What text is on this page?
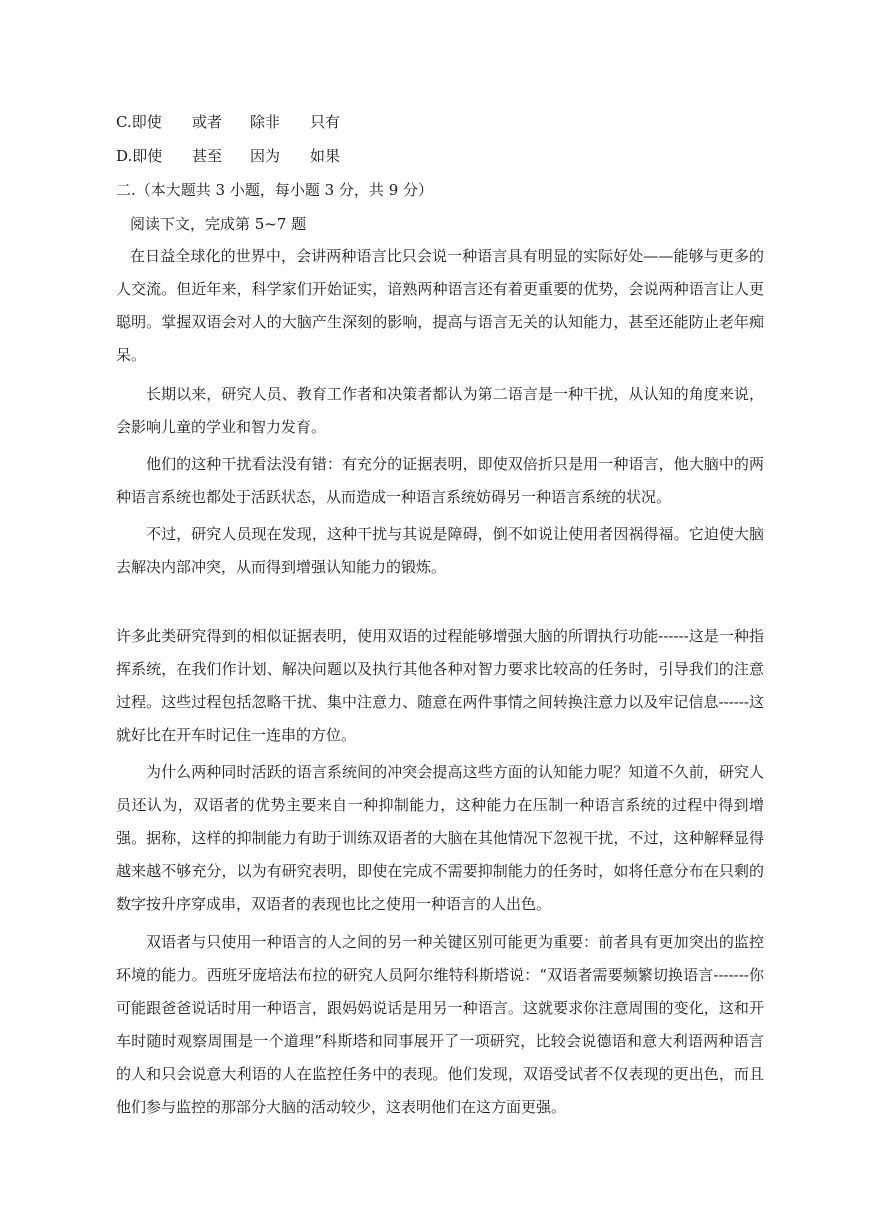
C.即使 或者 除非 只有
D.即使 甚至 因为 如果
二.（本大题共 3 小题，每小题 3 分，共 9 分）
阅读下文，完成第 5~7 题
在日益全球化的世界中，会讲两种语言比只会说一种语言具有明显的实际好处——能够与更多的人交流。但近年来，科学家们开始证实，谙熟两种语言还有着更重要的优势，会说两种语言让人更聪明。掌握双语会对人的大脑产生深刻的影响，提高与语言无关的认知能力，甚至还能防止老年痴呆。
长期以来，研究人员、教育工作者和决策者都认为第二语言是一种干扰，从认知的角度来说，会影响儿童的学业和智力发育。
他们的这种干扰看法没有错：有充分的证据表明，即使双倍折只是用一种语言，他大脑中的两种语言系统也都处于活跃状态，从而造成一种语言系统妨碍另一种语言系统的状况。
不过，研究人员现在发现，这种干扰与其说是障碍，倒不如说让使用者因祸得福。它迫使大脑去解决内部冲突，从而得到增强认知能力的锻炼。
许多此类研究得到的相似证据表明，使用双语的过程能够增强大脑的所谓执行功能------这是一种指挥系统，在我们作计划、解决问题以及执行其他各种对智力要求比较高的任务时，引导我们的注意过程。这些过程包括忽略干扰、集中注意力、随意在两件事情之间转换注意力以及牢记信息------这就好比在开车时记住一连串的方位。
为什么两种同时活跃的语言系统间的冲突会提高这些方面的认知能力呢？知道不久前，研究人员还认为，双语者的优势主要来自一种抑制能力，这种能力在压制一种语言系统的过程中得到增强。据称，这样的抑制能力有助于训练双语者的大脑在其他情况下忽视干扰，不过，这种解释显得越来越不够充分，以为有研究表明，即使在完成不需要抑制能力的任务时，如将任意分布在只剩的数字按升序穿成串，双语者的表现也比之使用一种语言的人出色。
双语者与只使用一种语言的人之间的另一种关键区别可能更为重要：前者具有更加突出的监控环境的能力。西班牙庞培法布拉的研究人员阿尔维特科斯塔说：“双语者需要频繁切换语言-------你可能跟爸爸说话时用一种语言，跟妈妈说话是用另一种语言。这就要求你注意周围的变化，这和开车时随时观察周围是一个道理”科斯塔和同事展开了一项研究，比较会说德语和意大利语两种语言的人和只会说意大利语的人在监控任务中的表现。他们发现，双语受试者不仅表现的更出色，而且他们参与监控的那部分大脑的活动较少，这表明他们在这方面更强。
